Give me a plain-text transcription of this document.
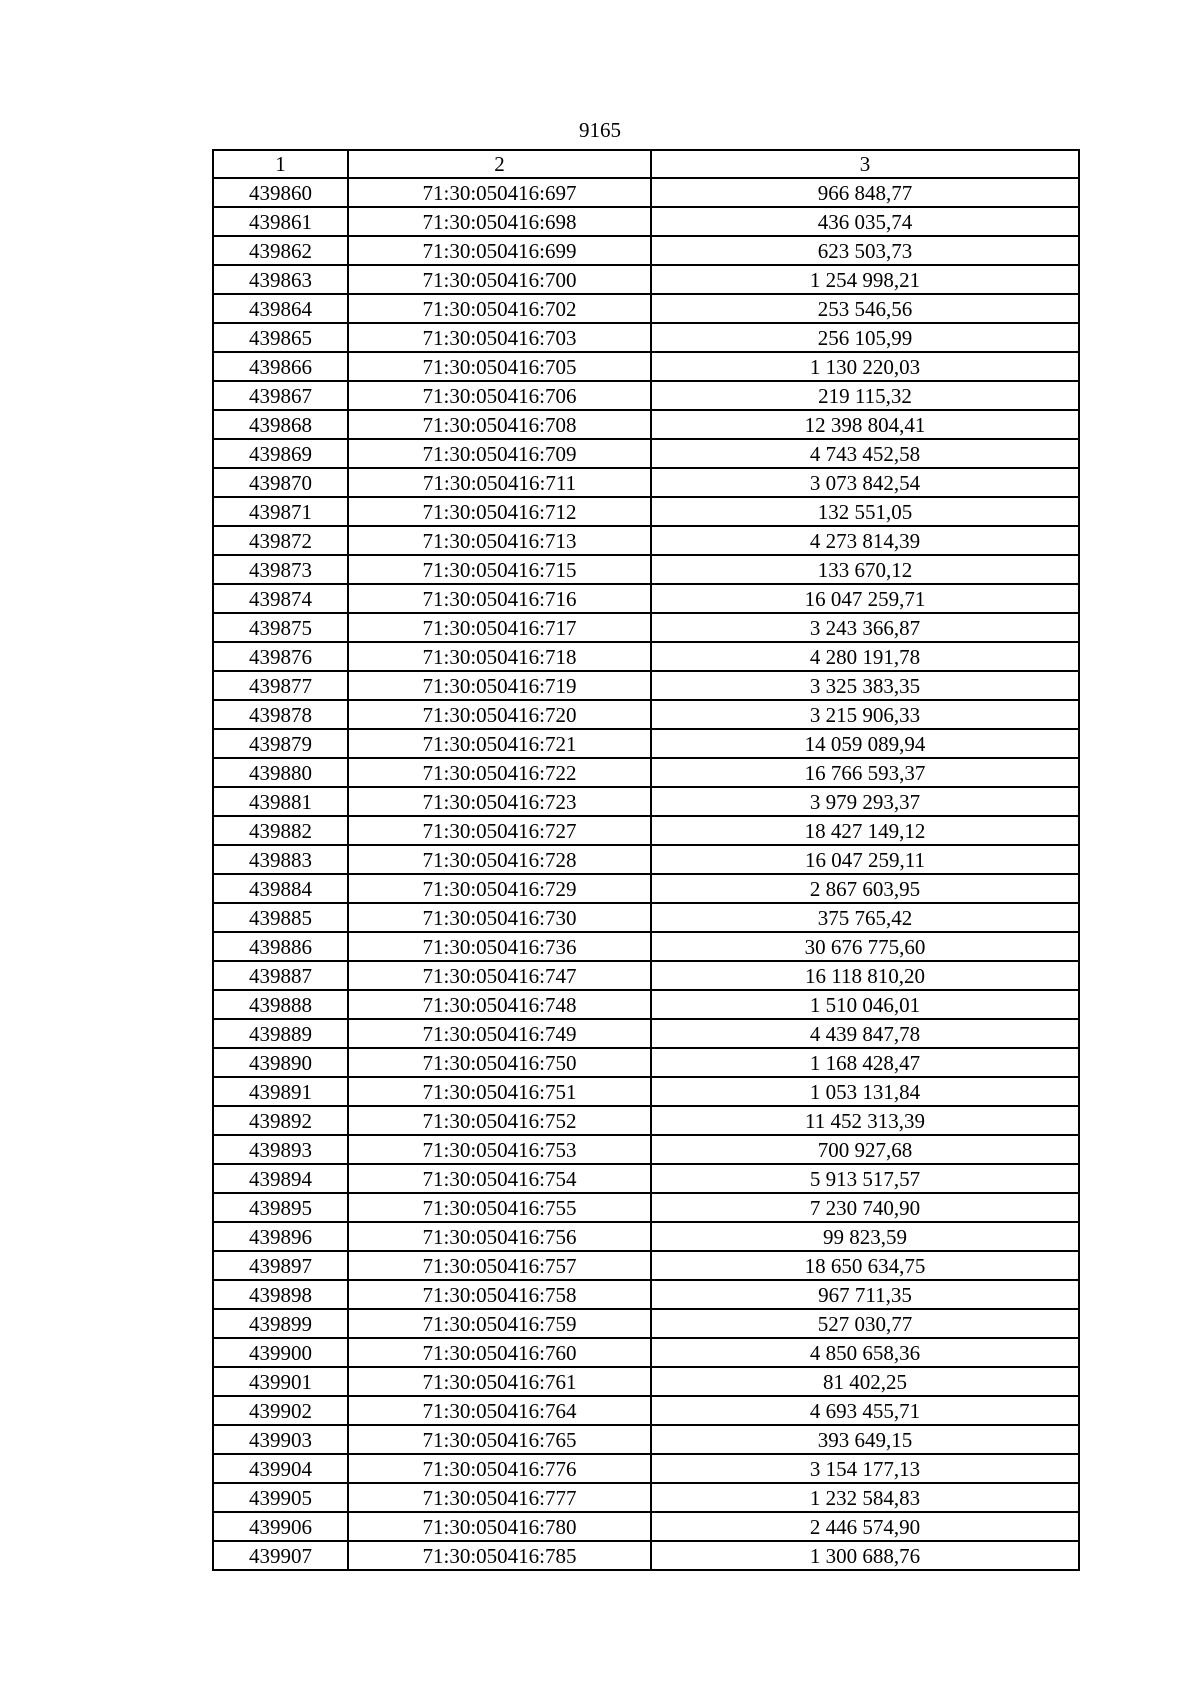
9165
1	2	3
439860	71:30:050416:697	966 848,77
439861	71:30:050416:698	436 035,74
439862	71:30:050416:699	623 503,73
439863	71:30:050416:700	1 254 998,21
439864	71:30:050416:702	253 546,56
439865	71:30:050416:703	256 105,99
439866	71:30:050416:705	1 130 220,03
439867	71:30:050416:706	219 115,32
439868	71:30:050416:708	12 398 804,41
439869	71:30:050416:709	4 743 452,58
439870	71:30:050416:711	3 073 842,54
439871	71:30:050416:712	132 551,05
439872	71:30:050416:713	4 273 814,39
439873	71:30:050416:715	133 670,12
439874	71:30:050416:716	16 047 259,71
439875	71:30:050416:717	3 243 366,87
439876	71:30:050416:718	4 280 191,78
439877	71:30:050416:719	3 325 383,35
439878	71:30:050416:720	3 215 906,33
439879	71:30:050416:721	14 059 089,94
439880	71:30:050416:722	16 766 593,37
439881	71:30:050416:723	3 979 293,37
439882	71:30:050416:727	18 427 149,12
439883	71:30:050416:728	16 047 259,11
439884	71:30:050416:729	2 867 603,95
439885	71:30:050416:730	375 765,42
439886	71:30:050416:736	30 676 775,60
439887	71:30:050416:747	16 118 810,20
439888	71:30:050416:748	1 510 046,01
439889	71:30:050416:749	4 439 847,78
439890	71:30:050416:750	1 168 428,47
439891	71:30:050416:751	1 053 131,84
439892	71:30:050416:752	11 452 313,39
439893	71:30:050416:753	700 927,68
439894	71:30:050416:754	5 913 517,57
439895	71:30:050416:755	7 230 740,90
439896	71:30:050416:756	99 823,59
439897	71:30:050416:757	18 650 634,75
439898	71:30:050416:758	967 711,35
439899	71:30:050416:759	527 030,77
439900	71:30:050416:760	4 850 658,36
439901	71:30:050416:761	81 402,25
439902	71:30:050416:764	4 693 455,71
439903	71:30:050416:765	393 649,15
439904	71:30:050416:776	3 154 177,13
439905	71:30:050416:777	1 232 584,83
439906	71:30:050416:780	2 446 574,90
439907	71:30:050416:785	1 300 688,76
